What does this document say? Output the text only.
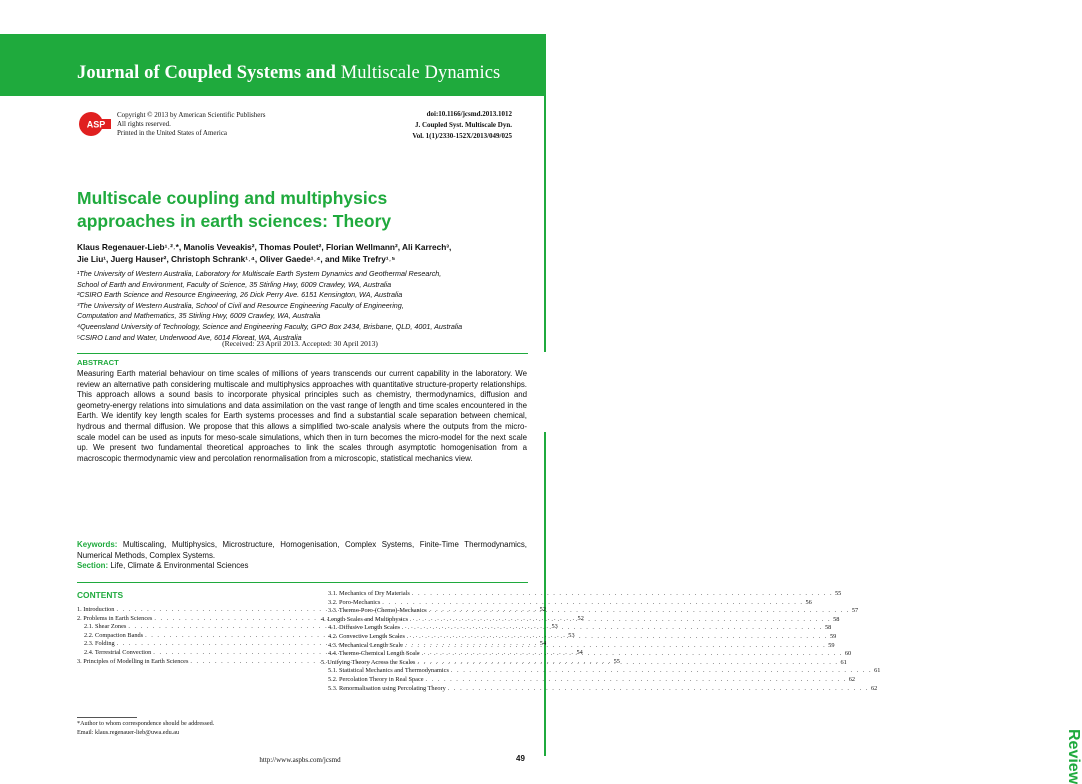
Journal of Coupled Systems and Multiscale Dynamics
Review
ASP
Copyright © 2013 by American Scientific Publishers
All rights reserved.
Printed in the United States of America
doi:10.1166/jcsmd.2013.1012
J. Coupled Syst. Multiscale Dyn.
Vol. 1(1)/2330-152X/2013/049/025
Multiscale coupling and multiphysics
approaches in earth sciences: Theory
Klaus Regenauer-Lieb¹˒²˒*, Manolis Veveakis², Thomas Poulet², Florian Wellmann², Ali Karrech³,
Jie Liu¹, Juerg Hauser², Christoph Schrank¹˒⁴, Oliver Gaede¹˒⁴, and Mike Trefry¹˒⁵
¹The University of Western Australia, Laboratory for Multiscale Earth System Dynamics and Geothermal Research,
School of Earth and Environment, Faculty of Science, 35 Stirling Hwy, 6009 Crawley, WA, Australia
²CSIRO Earth Science and Resource Engineering, 26 Dick Perry Ave. 6151 Kensington, WA, Australia
³The University of Western Australia, School of Civil and Resource Engineering Faculty of Engineering,
Computation and Mathematics, 35 Stirling Hwy, 6009 Crawley, WA, Australia
⁴Queensland University of Technology, Science and Engineering Faculty, GPO Box 2434, Brisbane, QLD, 4001, Australia
⁵CSIRO Land and Water, Underwood Ave, 6014 Floreat, WA, Australia
(Received: 23 April 2013. Accepted: 30 April 2013)
ABSTRACT
Measuring Earth material behaviour on time scales of millions of years transcends our current capability in the laboratory. We review an alternative path considering multiscale and multiphysics approaches with quantitative structure-property relationships. This approach allows a sound basis to incorporate physical principles such as chemistry, thermodynamics, diffusion and geometry-energy relations into simulations and data assimilation on the vast range of length and time scales encountered in the Earth. We identify key length scales for Earth systems processes and find a substantial scale separation between chemical, hydrous and thermal diffusion. We propose that this allows a simplified two-scale analysis where the outputs from the micro-scale model can be used as inputs for meso-scale simulations, which then in turn becomes the micro-model for the next scale up. We present two fundamental theoretical approaches to link the scales through asymptotic homogenisation from a macroscopic thermodynamic view and percolation renormalisation from a microscopic, statistical mechanics view.
Keywords: Multiscaling, Multiphysics, Microstructure, Homogenisation, Complex Systems, Finite-Time Thermodynamics, Numerical Methods, Complex Systems.
Section: Life, Climate & Environmental Sciences
CONTENTS
1. Introduction . . .	52
2. Problems in Earth Sciences . . .	52
2.1. Shear Zones . . .	53
2.2. Compaction Bands . . .	53
2.3. Folding . . .	54
2.4. Terrestrial Convection . . .	54
3. Principles of Modelling in Earth Sciences . . .	55
3.1. Mechanics of Dry Materials . . .	55
3.2. Poro-Mechanics . . .	56
3.3. Thermo-Poro-(Chemo)-Mechanics . . .	57
4. Length Scales and Multiphysics . . .	58
4.1. Diffusive Length Scales . . .	58
4.2. Convective Length Scales . . .	59
4.3. Mechanical Length Scale . . .	59
4.4. Thermo-Chemical Length Scale . . .	60
5. Unifying Theory Across the Scales . . .	61
5.1. Statistical Mechanics and Thermodynamics . . .	61
5.2. Percolation Theory in Real Space . . .	62
5.3. Renormalisation using Percolating Theory . . .	62
*Author to whom correspondence should be addressed.
Email: klaus.regenauer-lieb@uwa.edu.au
http://www.aspbs.com/jcsmd	49
